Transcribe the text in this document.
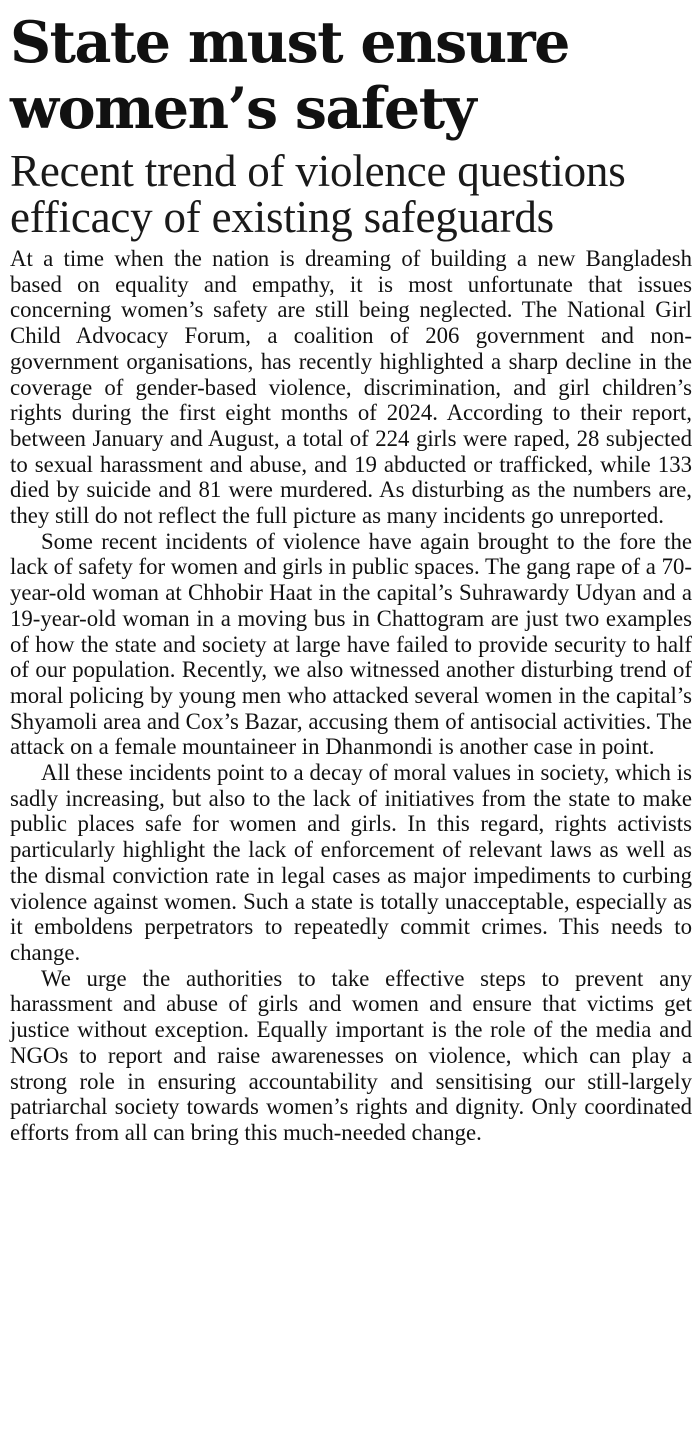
State must ensure
women’s safety
Recent trend of violence questions
efficacy of existing safeguards

At a time when the nation is dreaming of building a new Bangladesh based on equality and empathy, it is most unfortunate that issues concerning women’s safety are still being neglected. The National Girl Child Advocacy Forum, a coalition of 206 government and non-government organisations, has recently highlighted a sharp decline in the coverage of gender-based violence, discrimination, and girl children’s rights during the first eight months of 2024. According to their report, between January and August, a total of 224 girls were raped, 28 subjected to sexual harassment and abuse, and 19 abducted or trafficked, while 133 died by suicide and 81 were murdered. As disturbing as the numbers are, they still do not reflect the full picture as many incidents go unreported.

Some recent incidents of violence have again brought to the fore the lack of safety for women and girls in public spaces. The gang rape of a 70-year-old woman at Chhobir Haat in the capital’s Suhrawardy Udyan and a 19-year-old woman in a moving bus in Chattogram are just two examples of how the state and society at large have failed to provide security to half of our population. Recently, we also witnessed another disturbing trend of moral policing by young men who attacked several women in the capital’s Shyamoli area and Cox’s Bazar, accusing them of antisocial activities. The attack on a female mountaineer in Dhanmondi is another case in point.

All these incidents point to a decay of moral values in society, which is sadly increasing, but also to the lack of initiatives from the state to make public places safe for women and girls. In this regard, rights activists particularly highlight the lack of enforcement of relevant laws as well as the dismal conviction rate in legal cases as major impediments to curbing violence against women. Such a state is totally unacceptable, especially as it emboldens perpetrators to repeatedly commit crimes. This needs to change.

We urge the authorities to take effective steps to prevent any harassment and abuse of girls and women and ensure that victims get justice without exception. Equally important is the role of the media and NGOs to report and raise awarenesses on violence, which can play a strong role in ensuring accountability and sensitising our still-largely patriarchal society towards women’s rights and dignity. Only coordinated efforts from all can bring this much-needed change.
